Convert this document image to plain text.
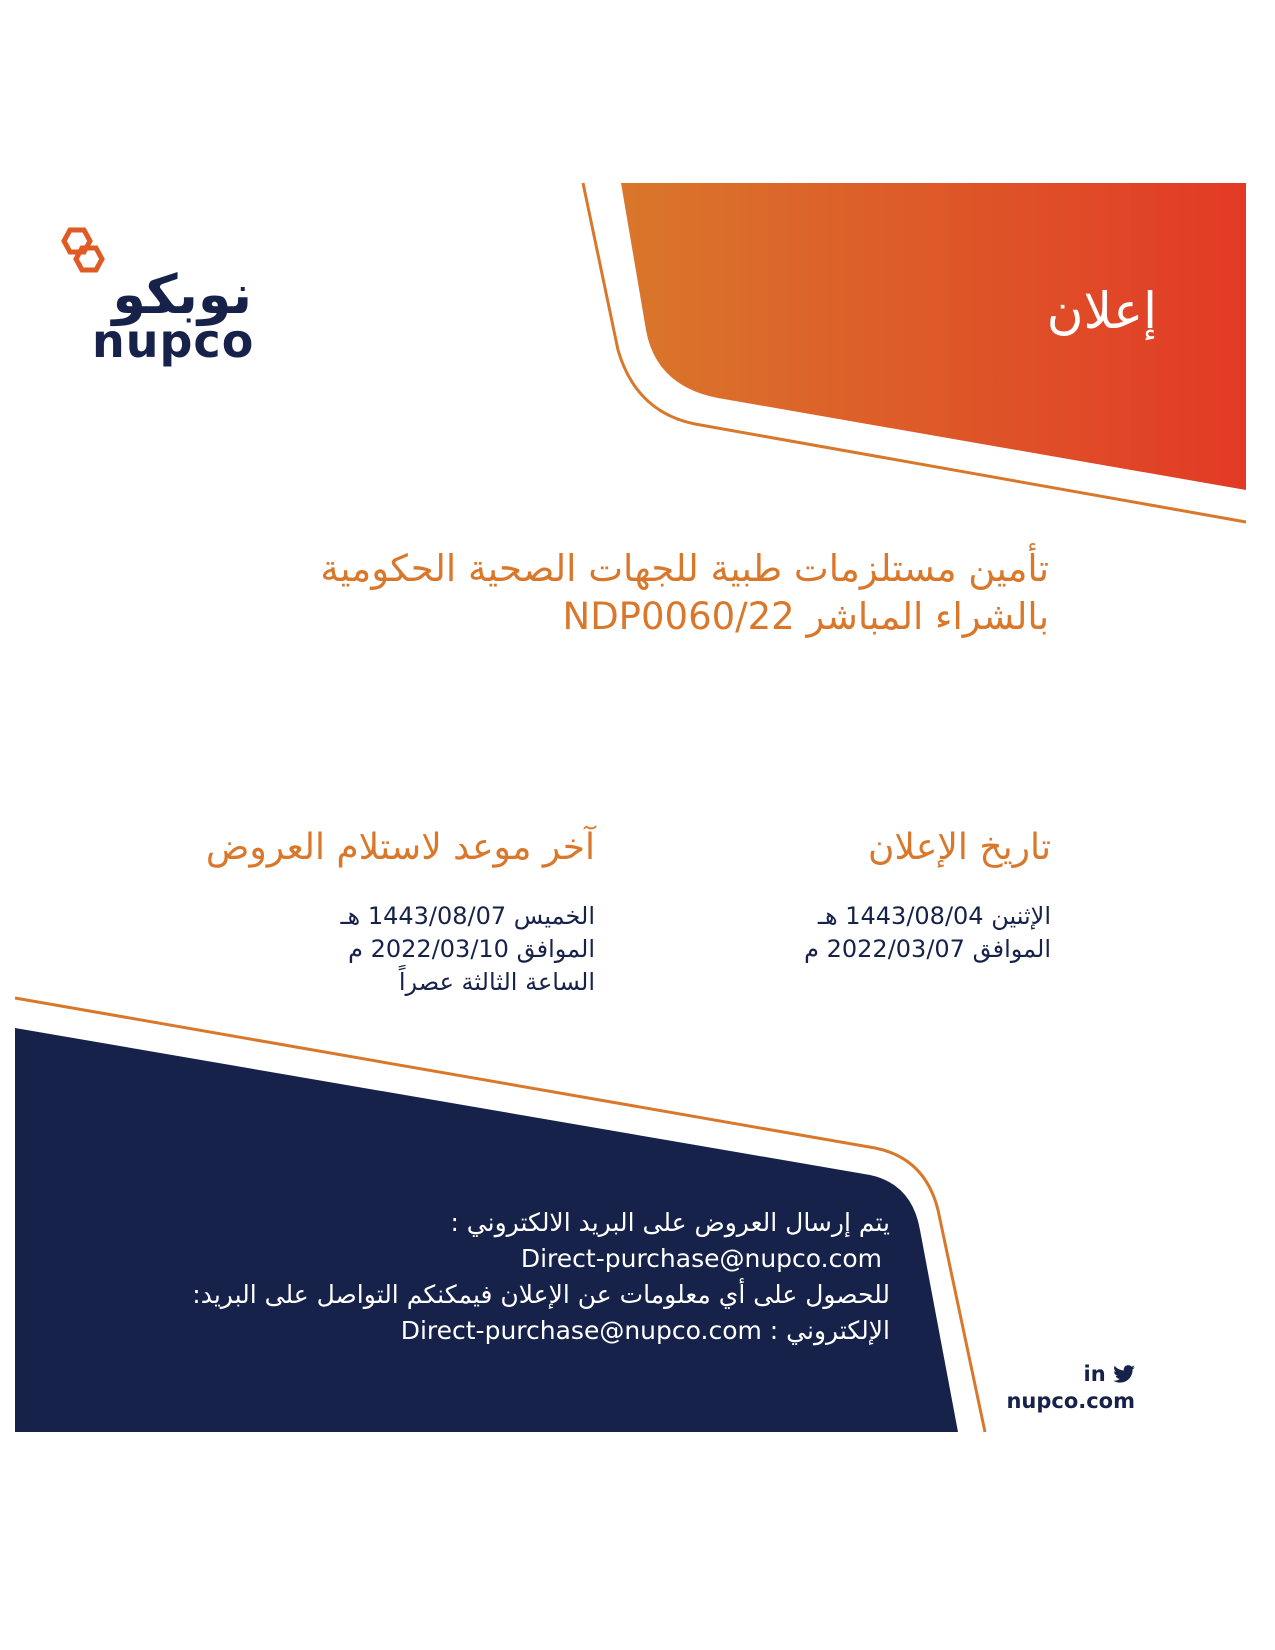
نوبكو
nupco
إعلان
تأمين مستلزمات طبية للجهات الصحية الحكومية
بالشراء المباشر NDP0060/22
تاريخ الإعلان
الإثنين 1443/08/04 هـ
الموافق 2022/03/07 م
آخر موعد لاستلام العروض
الخميس 1443/08/07 هـ
الموافق 2022/03/10 م
الساعة الثالثة عصراً
يتم إرسال العروض على البريد الالكتروني :
Direct-purchase@nupco.com
للحصول على أي معلومات عن الإعلان فيمكنكم التواصل على البريد:
الإلكتروني : Direct-purchase@nupco.com
in
nupco.com
